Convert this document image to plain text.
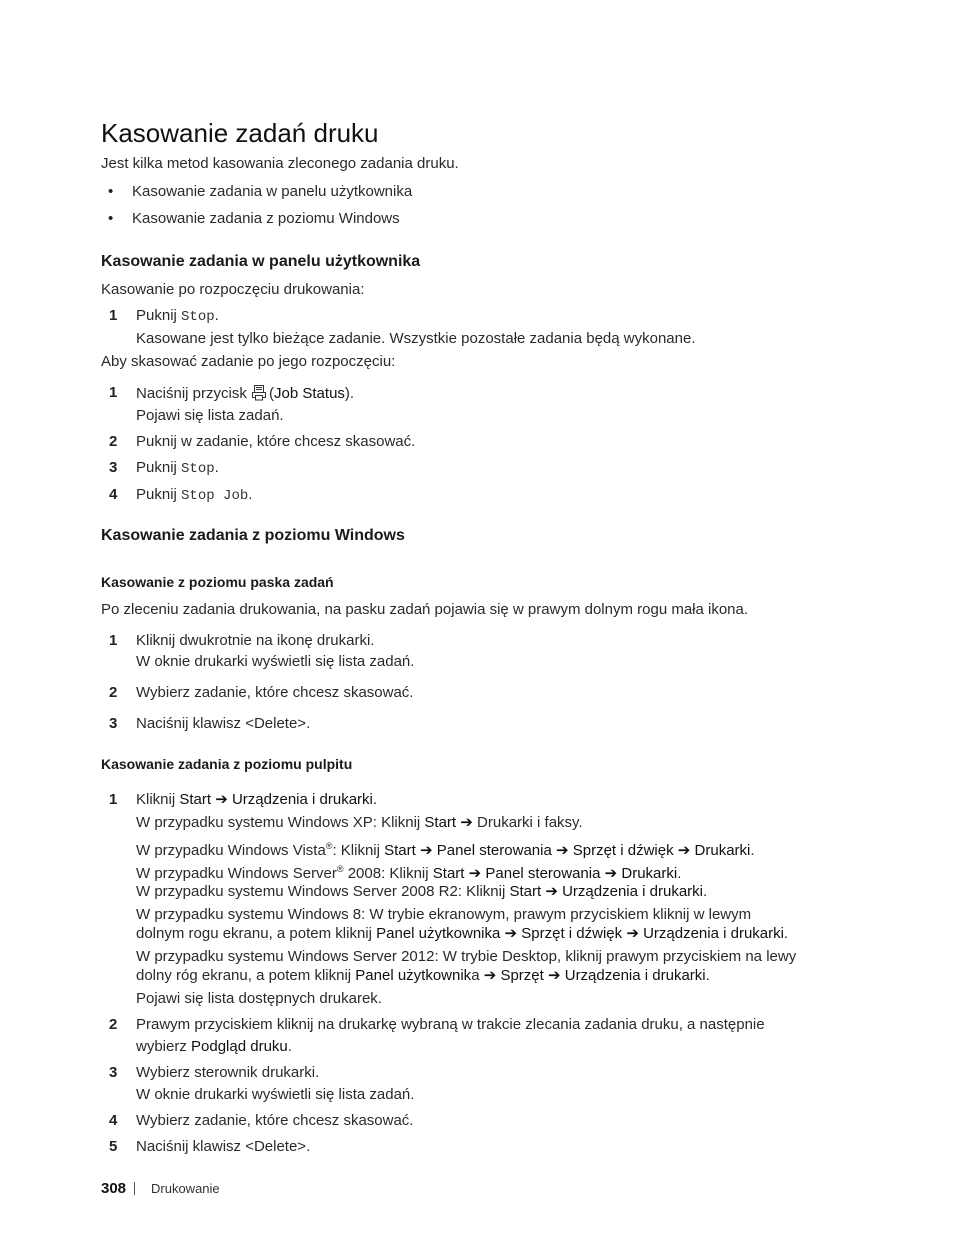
Kasowanie zadań druku
Jest kilka metod kasowania zleconego zadania druku.
• Kasowanie zadania w panelu użytkownika
• Kasowanie zadania z poziomu Windows
Kasowanie zadania w panelu użytkownika
Kasowanie po rozpoczęciu drukowania:
1 Puknij Stop.
Kasowane jest tylko bieżące zadanie. Wszystkie pozostałe zadania będą wykonane.
Aby skasować zadanie po jego rozpoczęciu:
1 Naciśnij przycisk (Job Status).
Pojawi się lista zadań.
2 Puknij w zadanie, które chcesz skasować.
3 Puknij Stop.
4 Puknij Stop Job.
Kasowanie zadania z poziomu Windows
Kasowanie z poziomu paska zadań
Po zleceniu zadania drukowania, na pasku zadań pojawia się w prawym dolnym rogu mała ikona.
1 Kliknij dwukrotnie na ikonę drukarki.
W oknie drukarki wyświetli się lista zadań.
2 Wybierz zadanie, które chcesz skasować.
3 Naciśnij klawisz <Delete>.
Kasowanie zadania z poziomu pulpitu
1 Kliknij Start ➔ Urządzenia i drukarki.
W przypadku systemu Windows XP: Kliknij Start ➔ Drukarki i faksy.
W przypadku Windows Vista®: Kliknij Start ➔ Panel sterowania ➔ Sprzęt i dźwięk ➔ Drukarki.
W przypadku Windows Server® 2008: Kliknij Start ➔ Panel sterowania ➔ Drukarki.
W przypadku systemu Windows Server 2008 R2: Kliknij Start ➔ Urządzenia i drukarki.
W przypadku systemu Windows 8: W trybie ekranowym, prawym przyciskiem kliknij w lewym
dolnym rogu ekranu, a potem kliknij Panel użytkownika ➔ Sprzęt i dźwięk ➔ Urządzenia i drukarki.
W przypadku systemu Windows Server 2012: W trybie Desktop, kliknij prawym przyciskiem na lewy
dolny róg ekranu, a potem kliknij Panel użytkownika ➔ Sprzęt ➔ Urządzenia i drukarki.
Pojawi się lista dostępnych drukarek.
2 Prawym przyciskiem kliknij na drukarkę wybraną w trakcie zlecania zadania druku, a następnie
wybierz Podgląd druku.
3 Wybierz sterownik drukarki.
W oknie drukarki wyświetli się lista zadań.
4 Wybierz zadanie, które chcesz skasować.
5 Naciśnij klawisz <Delete>.
308 Drukowanie
